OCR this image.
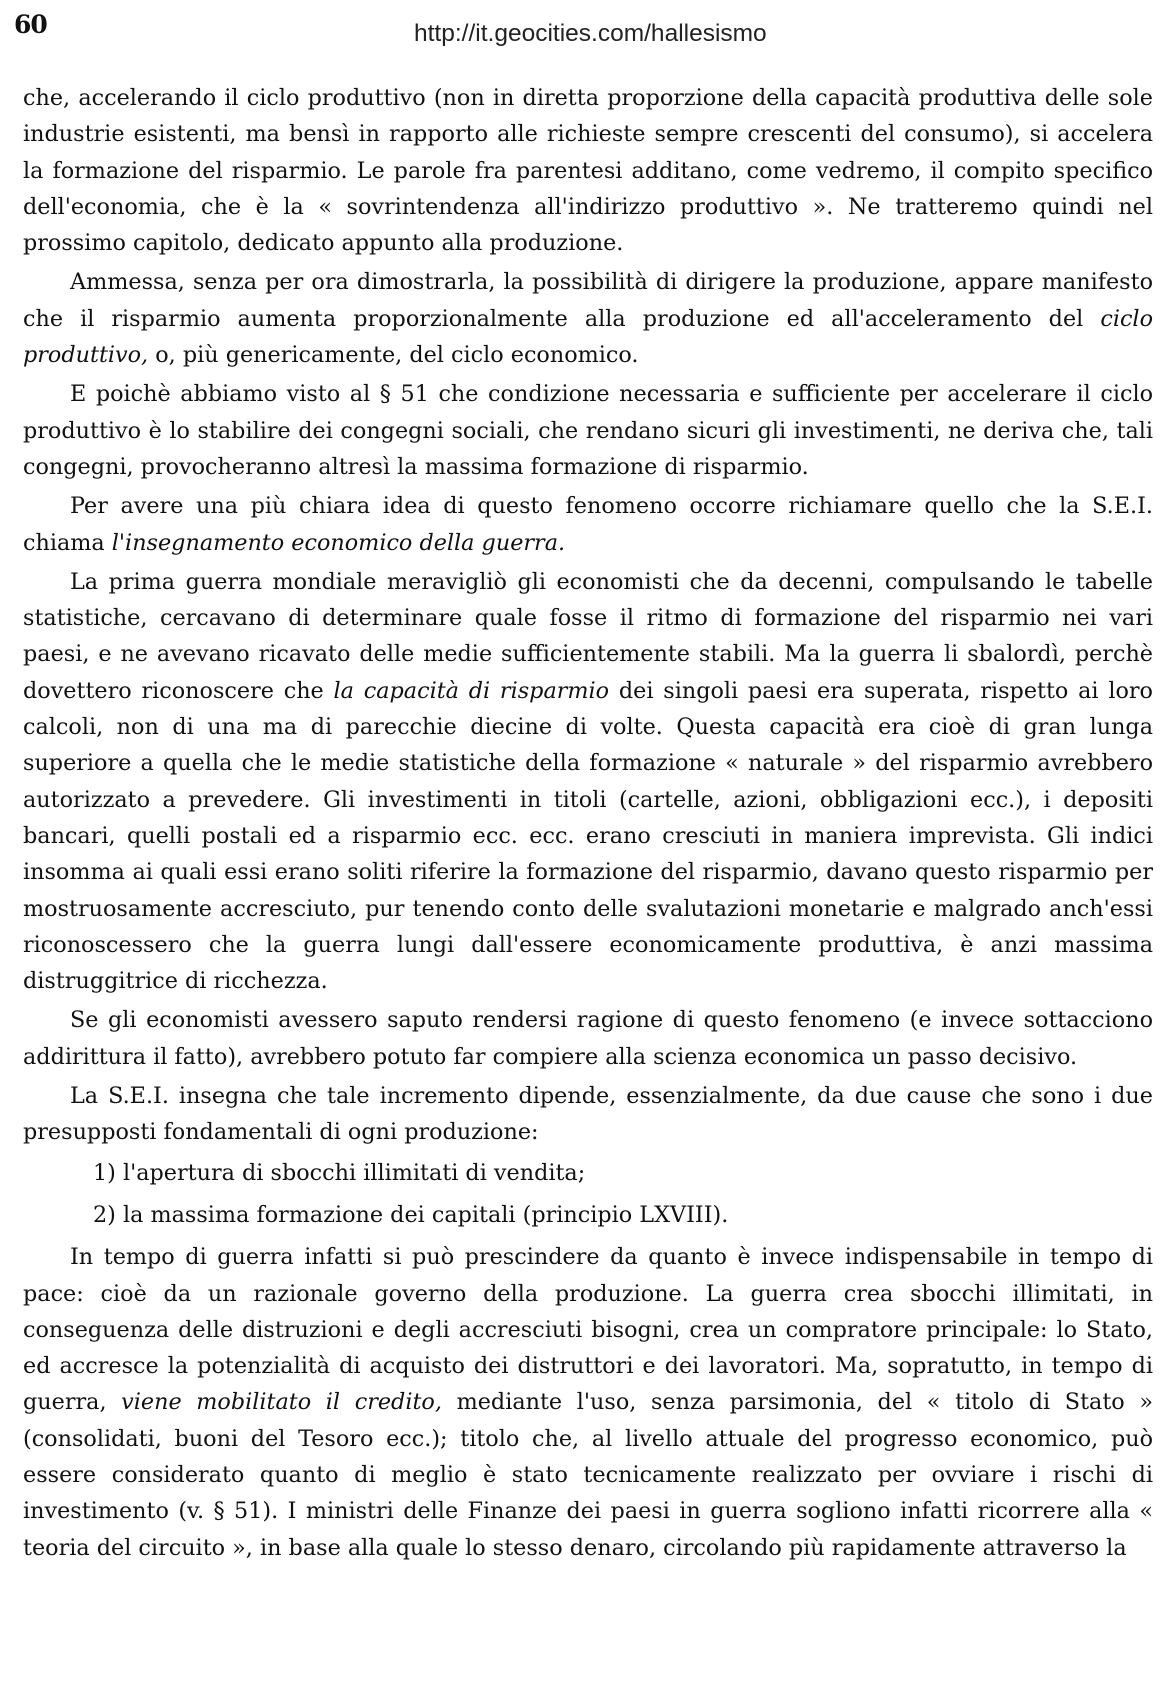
60	http://it.geocities.com/hallesismo

che, accelerando il ciclo produttivo (non in diretta proporzione della capacità produttiva delle sole industrie esistenti, ma bensì in rapporto alle richieste sempre crescenti del consumo), si accelera la formazione del risparmio. Le parole fra parentesi additano, come vedremo, il compito specifico dell'economia, che è la « sovrintendenza all'indirizzo produttivo ». Ne tratteremo quindi nel prossimo capitolo, dedicato appunto alla produzione.

Ammessa, senza per ora dimostrarla, la possibilità di dirigere la produzione, appare manifesto che il risparmio aumenta proporzionalmente alla produzione ed all'acceleramento del ciclo produttivo, o, più genericamente, del ciclo economico.

E poichè abbiamo visto al § 51 che condizione necessaria e sufficiente per accelerare il ciclo produttivo è lo stabilire dei congegni sociali, che rendano sicuri gli investimenti, ne deriva che, tali congegni, provocheranno altresì la massima formazione di risparmio.

Per avere una più chiara idea di questo fenomeno occorre richiamare quello che la S.E.I. chiama l'insegnamento economico della guerra.

La prima guerra mondiale meravigliò gli economisti che da decenni, compulsando le tabelle statistiche, cercavano di determinare quale fosse il ritmo di formazione del risparmio nei vari paesi, e ne avevano ricavato delle medie sufficientemente stabili. Ma la guerra li sbalordì, perchè dovettero riconoscere che la capacità di risparmio dei singoli paesi era superata, rispetto ai loro calcoli, non di una ma di parecchie diecine di volte. Questa capacità era cioè di gran lunga superiore a quella che le medie statistiche della formazione « naturale » del risparmio avrebbero autorizzato a prevedere. Gli investimenti in titoli (cartelle, azioni, obbligazioni ecc.), i depositi bancari, quelli postali ed a risparmio ecc. ecc. erano cresciuti in maniera imprevista. Gli indici insomma ai quali essi erano soliti riferire la formazione del risparmio, davano questo risparmio per mostruosamente accresciuto, pur tenendo conto delle svalutazioni monetarie e malgrado anch'essi riconoscessero che la guerra lungi dall'essere economicamente produttiva, è anzi massima distruggitrice di ricchezza.

Se gli economisti avessero saputo rendersi ragione di questo fenomeno (e invece sottacciono addirittura il fatto), avrebbero potuto far compiere alla scienza economica un passo decisivo.

La S.E.I. insegna che tale incremento dipende, essenzialmente, da due cause che sono i due presupposti fondamentali di ogni produzione:

1) l'apertura di sbocchi illimitati di vendita;

2) la massima formazione dei capitali (principio LXVIII).

In tempo di guerra infatti si può prescindere da quanto è invece indispensabile in tempo di pace: cioè da un razionale governo della produzione. La guerra crea sbocchi illimitati, in conseguenza delle distruzioni e degli accresciuti bisogni, crea un compratore principale: lo Stato, ed accresce la potenzialità di acquisto dei distruttori e dei lavoratori. Ma, sopratutto, in tempo di guerra, viene mobilitato il credito, mediante l'uso, senza parsimonia, del « titolo di Stato » (consolidati, buoni del Tesoro ecc.); titolo che, al livello attuale del progresso economico, può essere considerato quanto di meglio è stato tecnicamente realizzato per ovviare i rischi di investimento (v. § 51). I ministri delle Finanze dei paesi in guerra sogliono infatti ricorrere alla « teoria del circuito », in base alla quale lo stesso denaro, circolando più rapidamente attraverso la
